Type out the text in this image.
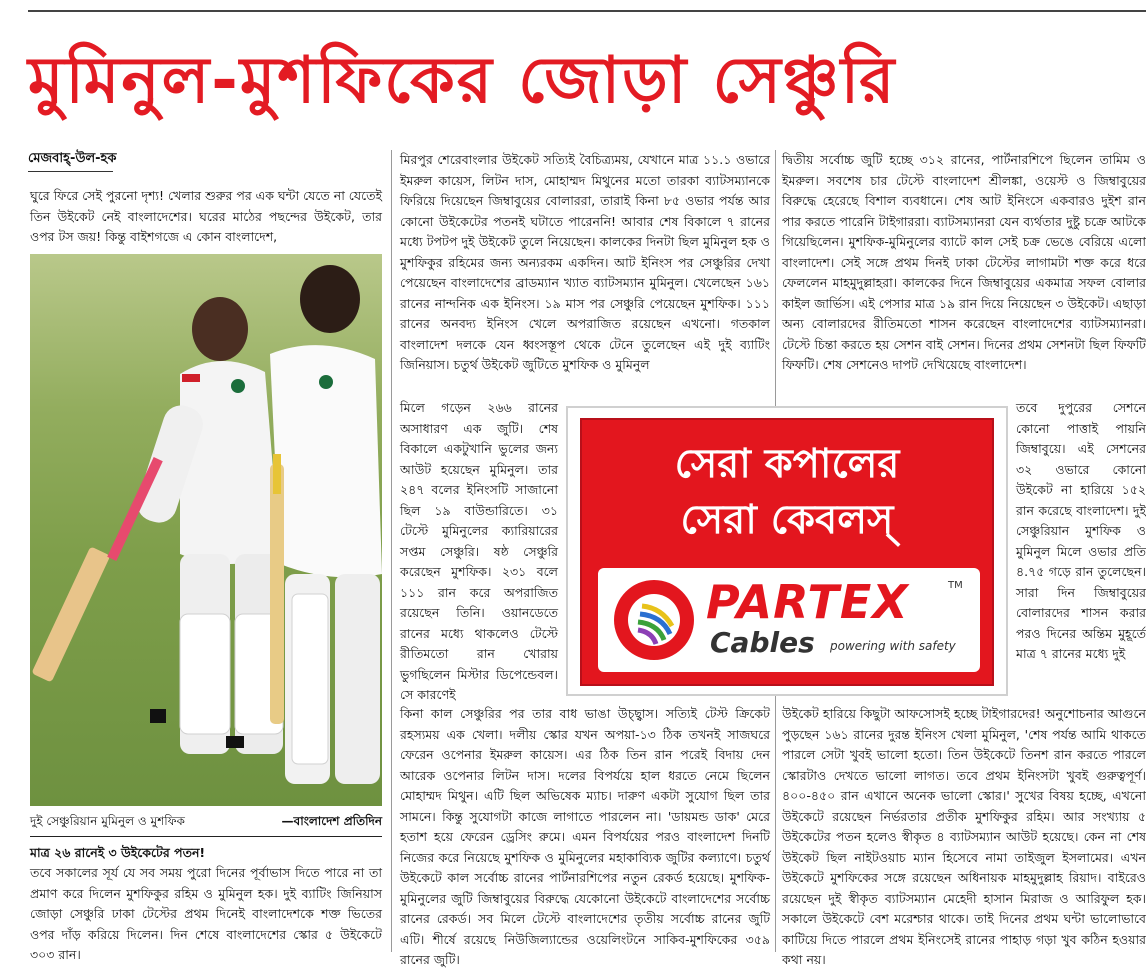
মুমিনুল-মুশফিকের জোড়া সেঞ্চুরি
মেজবাহ্-উল-হক

ঘুরে ফিরে সেই পুরনো দৃশ্য! খেলার শুরুর পর এক ঘন্টা যেতে না যেতেই তিন উইকেট নেই বাংলাদেশের। ঘরের মাঠের পছন্দের উইকেট, তার ওপর টস জয়! কিন্তু বাইশগজে এ কোন বাংলাদেশ,

দুই সেঞ্চুরিয়ান মুমিনুল ও মুশফিক	—বাংলাদেশ প্রতিদিন
মাত্র ২৬ রানেই ৩ উইকেটের পতন!

তবে সকালের সূর্য যে সব সময় পুরো দিনের পূর্বাভাস দিতে পারে না তা প্রমাণ করে দিলেন মুশফিকুর রহিম ও মুমিনুল হক। দুই ব্যাটিং জিনিয়াস জোড়া সেঞ্চুরি ঢাকা টেস্টের প্রথম দিনেই বাংলাদেশকে শক্ত ভিতের ওপর দাঁড় করিয়ে দিলেন। দিন শেষে বাংলাদেশের স্কোর ৫ উইকেটে ৩০৩ রান।

মিরপুর শেরেবাংলার উইকেট সত্যিই বৈচিত্র্যময়, যেখানে মাত্র ১১.১ ওভারে ইমরুল কায়েস, লিটন দাস, মোহাম্মদ মিথুনের মতো তারকা ব্যাটসম্যানকে ফিরিয়ে দিয়েছেন জিম্বাবুয়ের বোলাররা, তারাই কিনা ৮৫ ওভার পর্যন্ত আর কোনো উইকেটের পতনই ঘটাতে পারেননি! আবার শেষ বিকালে ৭ রানের মধ্যে টপটপ দুই উইকেট তুলে নিয়েছেন। কালকের দিনটা ছিল মুমিনুল হক ও মুশফিকুর রহিমের জন্য অন্যরকম একদিন। আট ইনিংস পর সেঞ্চুরির দেখা পেয়েছেন বাংলাদেশের ব্রাডম্যান খ্যাত ব্যাটসম্যান মুমিনুল। খেলেছেন ১৬১ রানের নান্দনিক এক ইনিংস। ১৯ মাস পর সেঞ্চুরি পেয়েছেন মুশফিক। ১১১ রানের অনবদ্য ইনিংস খেলে অপরাজিত রয়েছেন এখনো। গতকাল বাংলাদেশ দলকে যেন ধ্বংসস্তূপ থেকে টেনে তুলেছেন এই দুই ব্যাটিং জিনিয়াস। চতুর্থ উইকেট জুটিতে মুশফিক ও মুমিনুল

মিলে গড়েন ২৬৬ রানের অসাধারণ এক জুটি। শেষ বিকালে একটুখানি ভুলের জন্য আউট হয়েছেন মুমিনুল। তার ২৪৭ বলের ইনিংসটি সাজানো ছিল ১৯ বাউন্ডারিতে। ৩১ টেস্টে মুমিনুলের ক্যারিয়ারের সপ্তম সেঞ্চুরি। ষষ্ঠ সেঞ্চুরি করেছেন মুশফিক। ২৩১ বলে ১১১ রান করে অপরাজিত রয়েছেন তিনি। ওয়ানডেতে রানের মধ্যে থাকলেও টেস্টে রীতিমতো রান খোরায় ভুগছিলেন মিস্টার ডিপেন্ডেবল। সে কারণেই

কিনা কাল সেঞ্চুরির পর তার বাধ ভাঙা উচ্ছ্বাস। সত্যিই টেস্ট ক্রিকেট রহস্যময় এক খেলা। দলীয় স্কোর যখন অপয়া-১৩ ঠিক তখনই সাজঘরে ফেরেন ওপেনার ইমরুল কায়েস। এর ঠিক তিন রান পরেই বিদায় দেন আরেক ওপেনার লিটন দাস। দলের বিপর্যয়ে হাল ধরতে নেমে ছিলেন মোহাম্মদ মিথুন। এটি ছিল অভিষেক ম্যাচ। দারুণ একটা সুযোগ ছিল তার সামনে। কিন্তু সুযোগটা কাজে লাগাতে পারলেন না। 'ডায়মন্ড ডাক' মেরে হতাশ হয়ে ফেরেন ড্রেসিং রুমে। এমন বিপর্যয়ের পরও বাংলাদেশ দিনটি নিজের করে নিয়েছে মুশফিক ও মুমিনুলের মহাকাব্যিক জুটির কল্যাণে। চতুর্থ উইকেটে কাল সর্বোচ্চ রানের পার্টনারশিপের নতুন রেকর্ড হয়েছে। মুশফিক-মুমিনুলের জুটি জিম্বাবুয়ের বিরুদ্ধে যেকোনো উইকেটে বাংলাদেশের সর্বোচ্চ রানের রেকর্ড। সব মিলে টেস্টে বাংলাদেশের তৃতীয় সর্বোচ্চ রানের জুটি এটি। শীর্ষে রয়েছে নিউজিল্যান্ডের ওয়েলিংটনে সাকিব-মুশফিকের ৩৫৯ রানের জুটি।

দ্বিতীয় সর্বোচ্চ জুটি হচ্ছে ৩১২ রানের, পার্টনারশিপে ছিলেন তামিম ও ইমরুল। সবশেষ চার টেস্টে বাংলাদেশ শ্রীলঙ্কা, ওয়েস্ট ও জিম্বাবুয়ের বিরুদ্ধে হেরেছে বিশাল ব্যবধানে। শেষ আট ইনিংসে একবারও দুইশ রান পার করতে পারেনি টাইগাররা। ব্যাটসম্যানরা যেন ব্যর্থতার দুষ্টু চক্রে আটকে গিয়েছিলেন। মুশফিক-মুমিনুলের ব্যাটে কাল সেই চক্র ভেঙে বেরিয়ে এলো বাংলাদেশ। সেই সঙ্গে প্রথম দিনই ঢাকা টেস্টের লাগামটা শক্ত করে ধরে ফেললেন মাহমুদুল্লাহরা। কালকের দিনে জিম্বাবুয়ের একমাত্র সফল বোলার কাইল জার্ভিস। এই পেসার মাত্র ১৯ রান দিয়ে নিয়েছেন ৩ উইকেট। এছাড়া অন্য বোলারদের রীতিমতো শাসন করেছেন বাংলাদেশের ব্যাটসম্যানরা। টেস্টে চিন্তা করতে হয় সেশন বাই সেশন। দিনের প্রথম সেশনটা ছিল ফিফটি ফিফটি। শেষ সেশনেও দাপট দেখিয়েছে বাংলাদেশ।

তবে দুপুরের সেশনে কোনো পাত্তাই পায়নি জিম্বাবুয়ে। এই সেশনের ৩২ ওভারে কোনো উইকেট না হারিয়ে ১৫২ রান করেছে বাংলাদেশ। দুই সেঞ্চুরিয়ান মুশফিক ও মুমিনুল মিলে ওভার প্রতি ৪.৭৫ গড়ে রান তুলেছেন। সারা দিন জিম্বাবুয়ের বোলারদের শাসন করার পরও দিনের অন্তিম মুহূর্তে মাত্র ৭ রানের মধ্যে দুই

উইকেট হারিয়ে কিছুটা আফসোসই হচ্ছে টাইগারদের! অনুশোচনার আগুনে পুড়ছেন ১৬১ রানের দুরন্ত ইনিংস খেলা মুমিনুল, 'শেষ পর্যন্ত আমি থাকতে পারলে সেটা খুবই ভালো হতো। তিন উইকেটে তিনশ রান করতে পারলে স্কোরটাও দেখতে ভালো লাগত। তবে প্রথম ইনিংসটা খুবই গুরুত্বপূর্ণ। ৪০০-৪৫০ রান এখানে অনেক ভালো স্কোর।' সুখের বিষয় হচ্ছে, এখনো উইকেটে রয়েছেন নির্ভরতার প্রতীক মুশফিকুর রহিম। আর সংখ্যায় ৫ উইকেটের পতন হলেও স্বীকৃত ৪ ব্যাটসম্যান আউট হয়েছে। কেন না শেষ উইকেট ছিল নাইটওয়াচ ম্যান হিসেবে নামা তাইজুল ইসলামের। এখন উইকেটে মুশফিকের সঙ্গে রয়েছেন অধিনায়ক মাহমুদুল্লাহ রিয়াদ। বাইরেও রয়েছেন দুই স্বীকৃত ব্যাটসম্যান মেহেদী হাসান মিরাজ ও আরিফুল হক। সকালে উইকেটে বেশ মরেশ্চার থাকে। তাই দিনের প্রথম ঘন্টা ভালোভাবে কাটিয়ে দিতে পারলে প্রথম ইনিংসেই রানের পাহাড় গড়া খুব কঠিন হওয়ার কথা নয়।

সেরা কপালের
সেরা কেবলস্
PARTEX	TM
Cables powering with safety
